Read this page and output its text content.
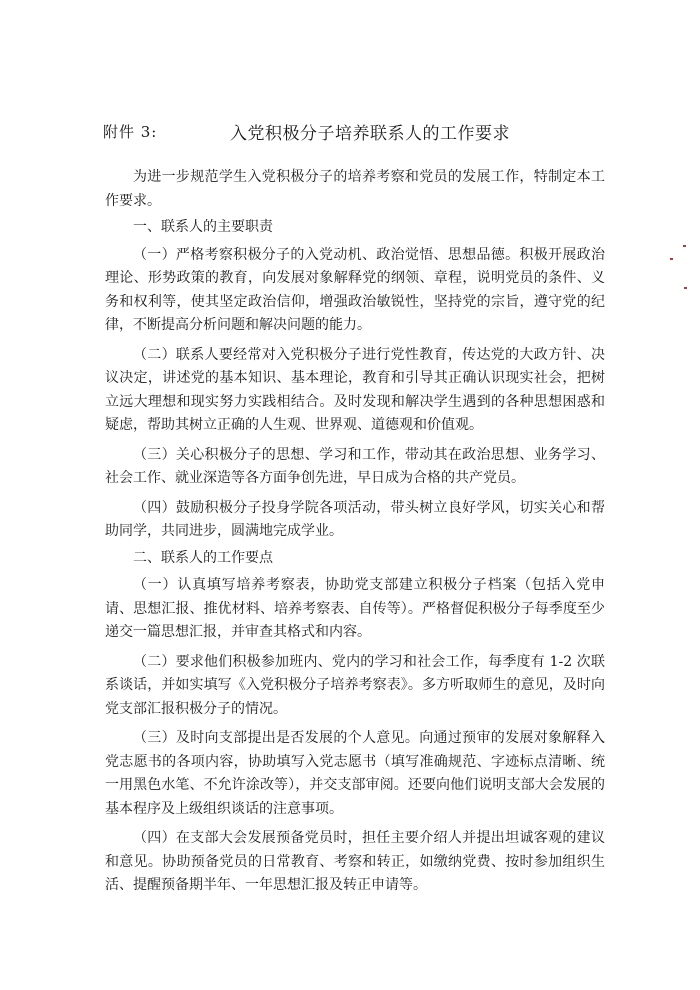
附件 3:	入党积极分子培养联系人的工作要求

为进一步规范学生入党积极分子的培养考察和党员的发展工作，特制定本工作要求。

一、联系人的主要职责

（一）严格考察积极分子的入党动机、政治觉悟、思想品德。积极开展政治理论、形势政策的教育，向发展对象解释党的纲领、章程，说明党员的条件、义务和权利等，使其坚定政治信仰，增强政治敏锐性，坚持党的宗旨，遵守党的纪律，不断提高分析问题和解决问题的能力。

（二）联系人要经常对入党积极分子进行党性教育，传达党的大政方针、决议决定，讲述党的基本知识、基本理论，教育和引导其正确认识现实社会，把树立远大理想和现实努力实践相结合。及时发现和解决学生遇到的各种思想困惑和疑虑，帮助其树立正确的人生观、世界观、道德观和价值观。

（三）关心积极分子的思想、学习和工作，带动其在政治思想、业务学习、社会工作、就业深造等各方面争创先进，早日成为合格的共产党员。

（四）鼓励积极分子投身学院各项活动，带头树立良好学风，切实关心和帮助同学，共同进步，圆满地完成学业。

二、联系人的工作要点

（一）认真填写培养考察表，协助党支部建立积极分子档案（包括入党申请、思想汇报、推优材料、培养考察表、自传等）。严格督促积极分子每季度至少递交一篇思想汇报，并审查其格式和内容。

（二）要求他们积极参加班内、党内的学习和社会工作，每季度有 1-2 次联系谈话，并如实填写《入党积极分子培养考察表》。多方听取师生的意见，及时向党支部汇报积极分子的情况。

（三）及时向支部提出是否发展的个人意见。向通过预审的发展对象解释入党志愿书的各项内容，协助填写入党志愿书（填写准确规范、字迹标点清晰、统一用黑色水笔、不允许涂改等），并交支部审阅。还要向他们说明支部大会发展的基本程序及上级组织谈话的注意事项。

（四）在支部大会发展预备党员时，担任主要介绍人并提出坦诚客观的建议和意见。协助预备党员的日常教育、考察和转正，如缴纳党费、按时参加组织生活、提醒预备期半年、一年思想汇报及转正申请等。
